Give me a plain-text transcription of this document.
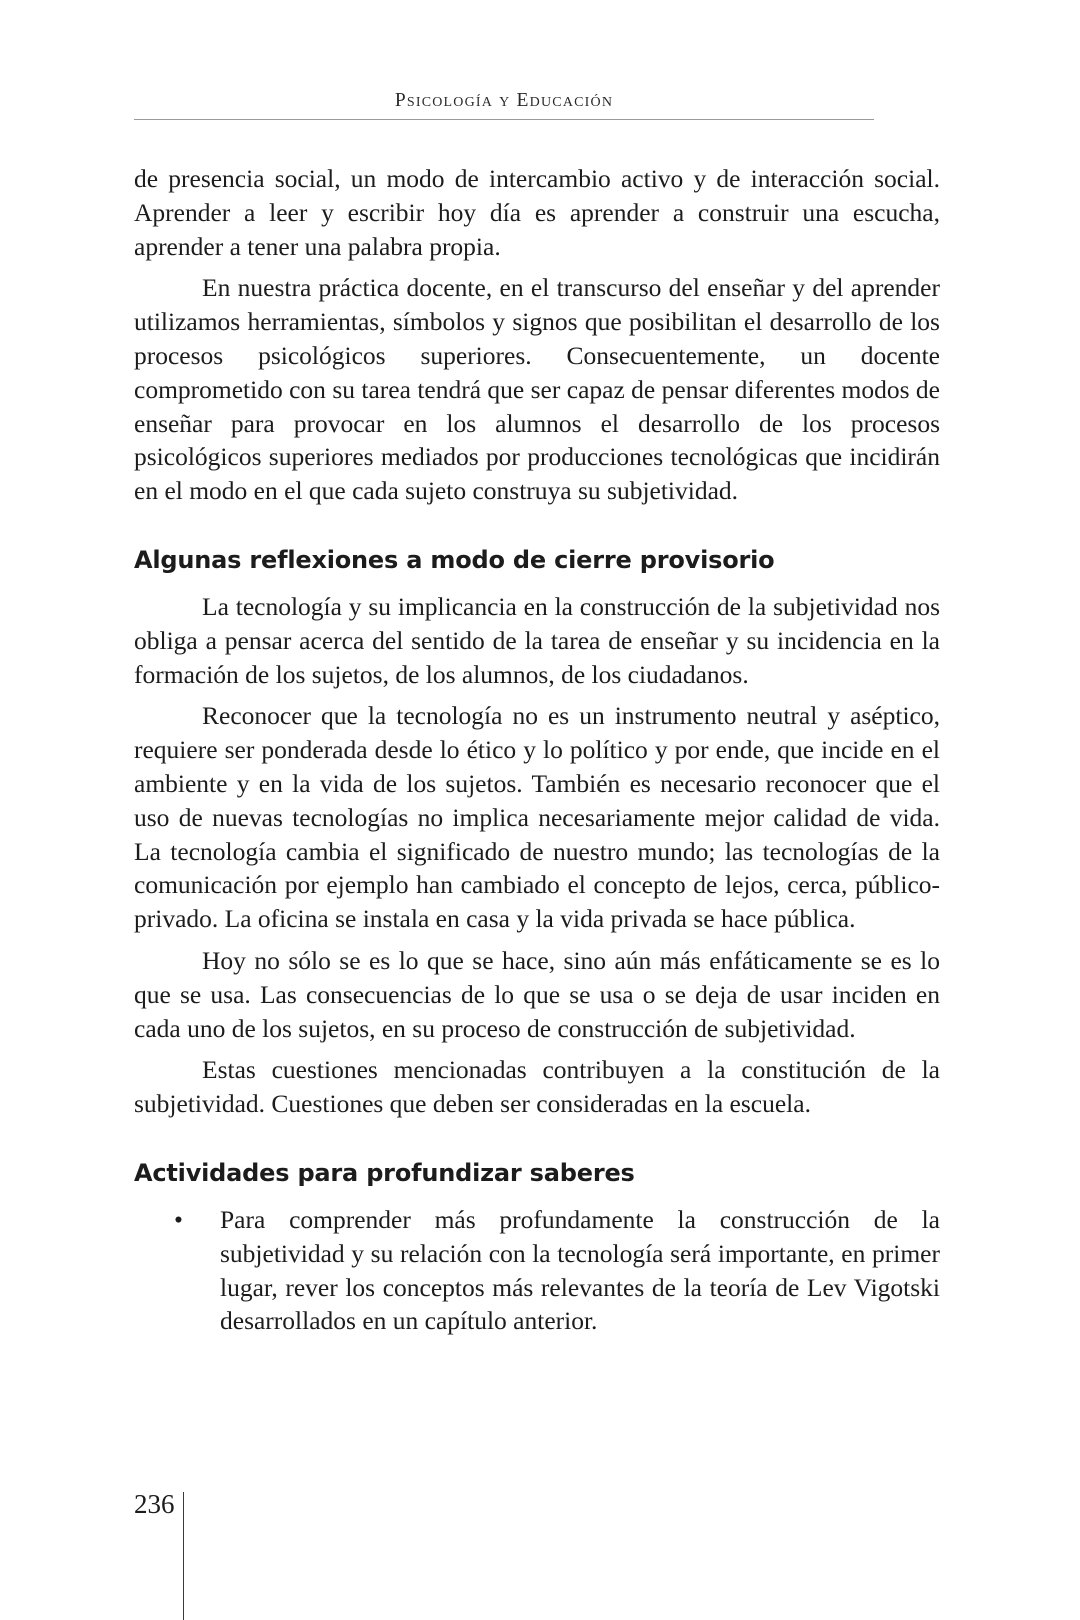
Psicología y Educación

de presencia social, un modo de intercambio activo y de interacción social. Aprender a leer y escribir hoy día es aprender a construir una escucha, aprender a tener una palabra propia.

En nuestra práctica docente, en el transcurso del enseñar y del aprender utilizamos herramientas, símbolos y signos que posibilitan el desarrollo de los procesos psicológicos superiores. Consecuentemente, un docente comprometido con su tarea tendrá que ser capaz de pensar diferentes modos de enseñar para provocar en los alumnos el desarrollo de los procesos psicológicos superiores mediados por producciones tecnológicas que incidirán en el modo en el que cada sujeto construya su subjetividad.

Algunas reflexiones a modo de cierre provisorio

La tecnología y su implicancia en la construcción de la subjetividad nos obliga a pensar acerca del sentido de la tarea de enseñar y su incidencia en la formación de los sujetos, de los alumnos, de los ciudadanos.

Reconocer que la tecnología no es un instrumento neutral y aséptico, requiere ser ponderada desde lo ético y lo político y por ende, que incide en el ambiente y en la vida de los sujetos. También es necesario reconocer que el uso de nuevas tecnologías no implica necesariamente mejor calidad de vida. La tecnología cambia el significado de nuestro mundo; las tecnologías de la comunicación por ejemplo han cambiado el concepto de lejos, cerca, público-privado. La oficina se instala en casa y la vida privada se hace pública.

Hoy no sólo se es lo que se hace, sino aún más enfáticamente se es lo que se usa. Las consecuencias de lo que se usa o se deja de usar inciden en cada uno de los sujetos, en su proceso de construcción de subjetividad.

Estas cuestiones mencionadas contribuyen a la constitución de la subjetividad. Cuestiones que deben ser consideradas en la escuela.

Actividades para profundizar saberes
• Para comprender más profundamente la construcción de la subjetividad y su relación con la tecnología será importante, en primer lugar, rever los conceptos más relevantes de la teoría de Lev Vigotski desarrollados en un capítulo anterior.
236
